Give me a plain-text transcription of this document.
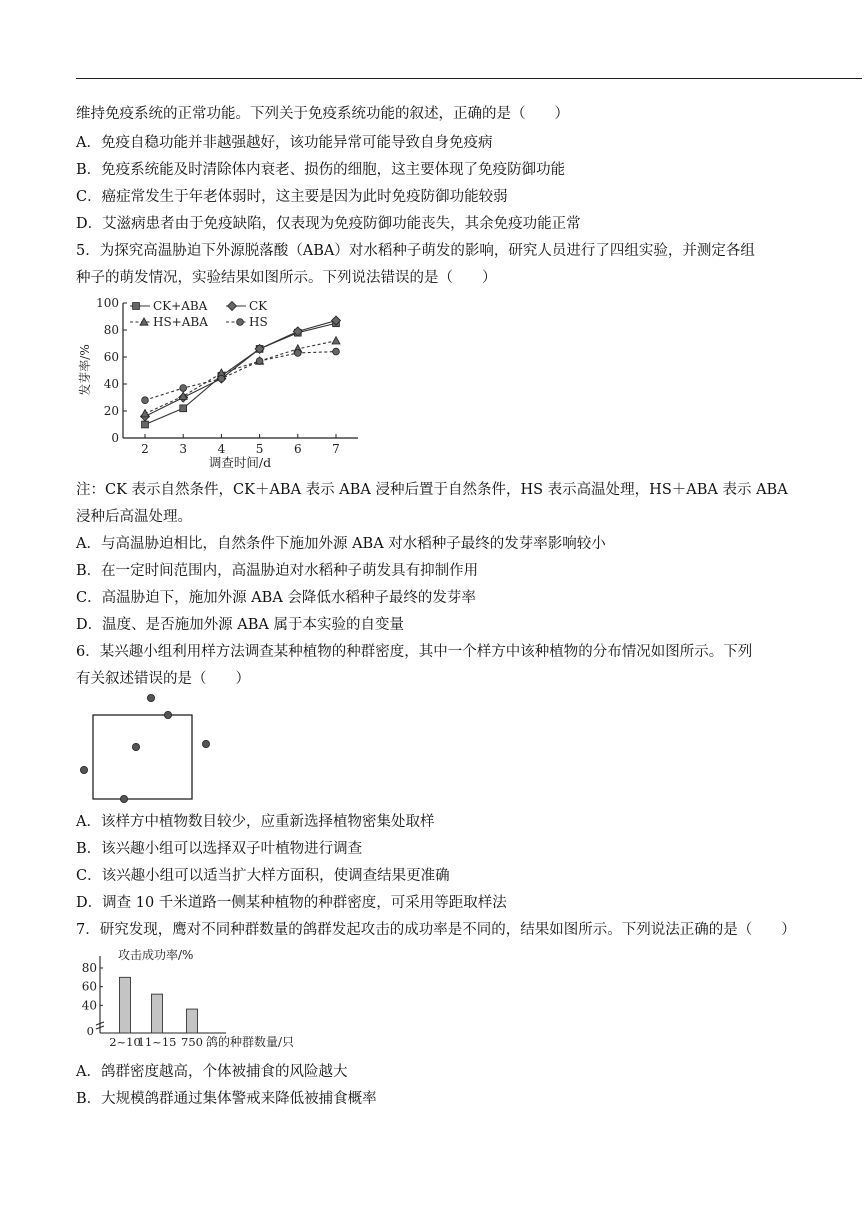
维持免疫系统的正常功能。下列关于免疫系统功能的叙述，正确的是（　　）
A．免疫自稳功能并非越强越好，该功能异常可能导致自身免疫病
B．免疫系统能及时清除体内衰老、损伤的细胞，这主要体现了免疫防御功能
C．癌症常发生于年老体弱时，这主要是因为此时免疫防御功能较弱
D．艾滋病患者由于免疫缺陷，仅表现为免疫防御功能丧失，其余免疫功能正常
5．为探究高温胁迫下外源脱落酸（ABA）对水稻种子萌发的影响，研究人员进行了四组实验，并测定各组
种子的萌发情况，实验结果如图所示。下列说法错误的是（　　）
0
20
40
60
80
100
2	3	4	5	6	7
CK+ABA	CK
HS+ABA	HS
发芽率/%
调查时间/d
注：CK 表示自然条件，CK＋ABA 表示 ABA 浸种后置于自然条件，HS 表示高温处理，HS＋ABA 表示 ABA
浸种后高温处理。
A．与高温胁迫相比，自然条件下施加外源 ABA 对水稻种子最终的发芽率影响较小
B．在一定时间范围内，高温胁迫对水稻种子萌发具有抑制作用
C．高温胁迫下，施加外源 ABA 会降低水稻种子最终的发芽率
D．温度、是否施加外源 ABA 属于本实验的自变量
6．某兴趣小组利用样方法调查某种植物的种群密度，其中一个样方中该种植物的分布情况如图所示。下列
有关叙述错误的是（　　）
A．该样方中植物数目较少，应重新选择植物密集处取样
B．该兴趣小组可以选择双子叶植物进行调查
C．该兴趣小组可以适当扩大样方面积，使调查结果更准确
D．调查 10 千米道路一侧某种植物的种群密度，可采用等距取样法
7．研究发现，鹰对不同种群数量的鸽群发起攻击的成功率是不同的，结果如图所示。下列说法正确的是（　　）
0
80
60
40
2~10
11~15 750
攻击成功率/%
鸽的种群数量/只
A．鸽群密度越高，个体被捕食的风险越大
B．大规模鸽群通过集体警戒来降低被捕食概率
